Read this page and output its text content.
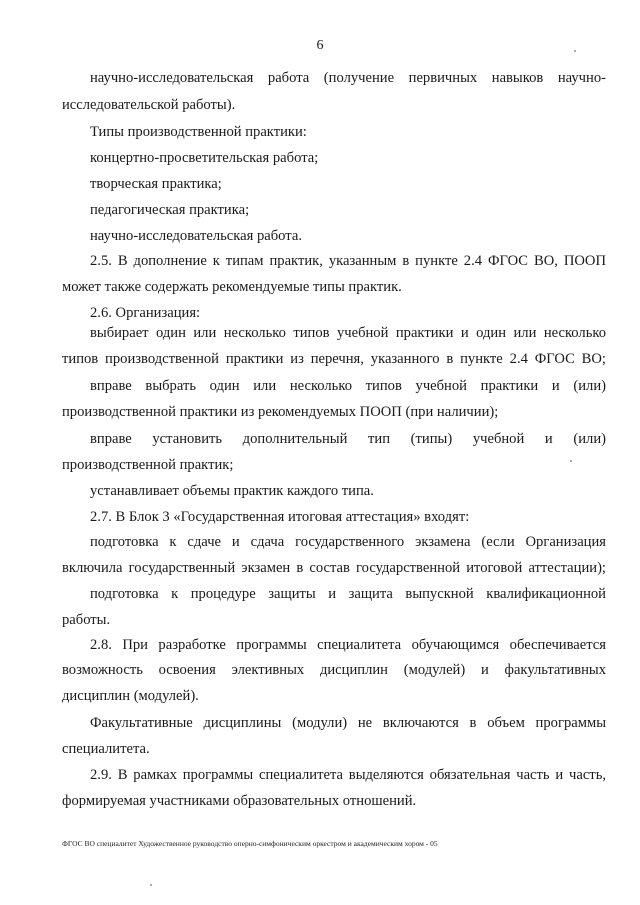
6
научно-исследовательская работа (получение первичных навыков научно-
исследовательской работы).
Типы производственной практики:
концертно-просветительская работа;
творческая практика;
педагогическая практика;
научно-исследовательская работа.
2.5. В дополнение к типам практик, указанным в пункте 2.4 ФГОС ВО, ПООП
может также содержать рекомендуемые типы практик.
2.6. Организация:
выбирает один или несколько типов учебной практики и один или несколько
типов производственной практики из перечня, указанного в пункте 2.4 ФГОС ВО;
вправе выбрать один или несколько типов учебной практики и (или)
производственной практики из рекомендуемых ПООП (при наличии);
вправе установить дополнительный тип (типы) учебной и (или)
производственной практик;
устанавливает объемы практик каждого типа.
2.7. В Блок 3 «Государственная итоговая аттестация» входят:
подготовка к сдаче и сдача государственного экзамена (если Организация
включила государственный экзамен в состав государственной итоговой аттестации);
подготовка к процедуре защиты и защита выпускной квалификационной
работы.
2.8. При разработке программы специалитета обучающимся обеспечивается
возможность освоения элективных дисциплин (модулей) и факультативных
дисциплин (модулей).
Факультативные дисциплины (модули) не включаются в объем программы
специалитета.
2.9. В рамках программы специалитета выделяются обязательная часть и часть,
формируемая участниками образовательных отношений.
ФГОС ВО специалитет Художественное руководство оперно-симфоническим оркестром и академическим хором - 05
